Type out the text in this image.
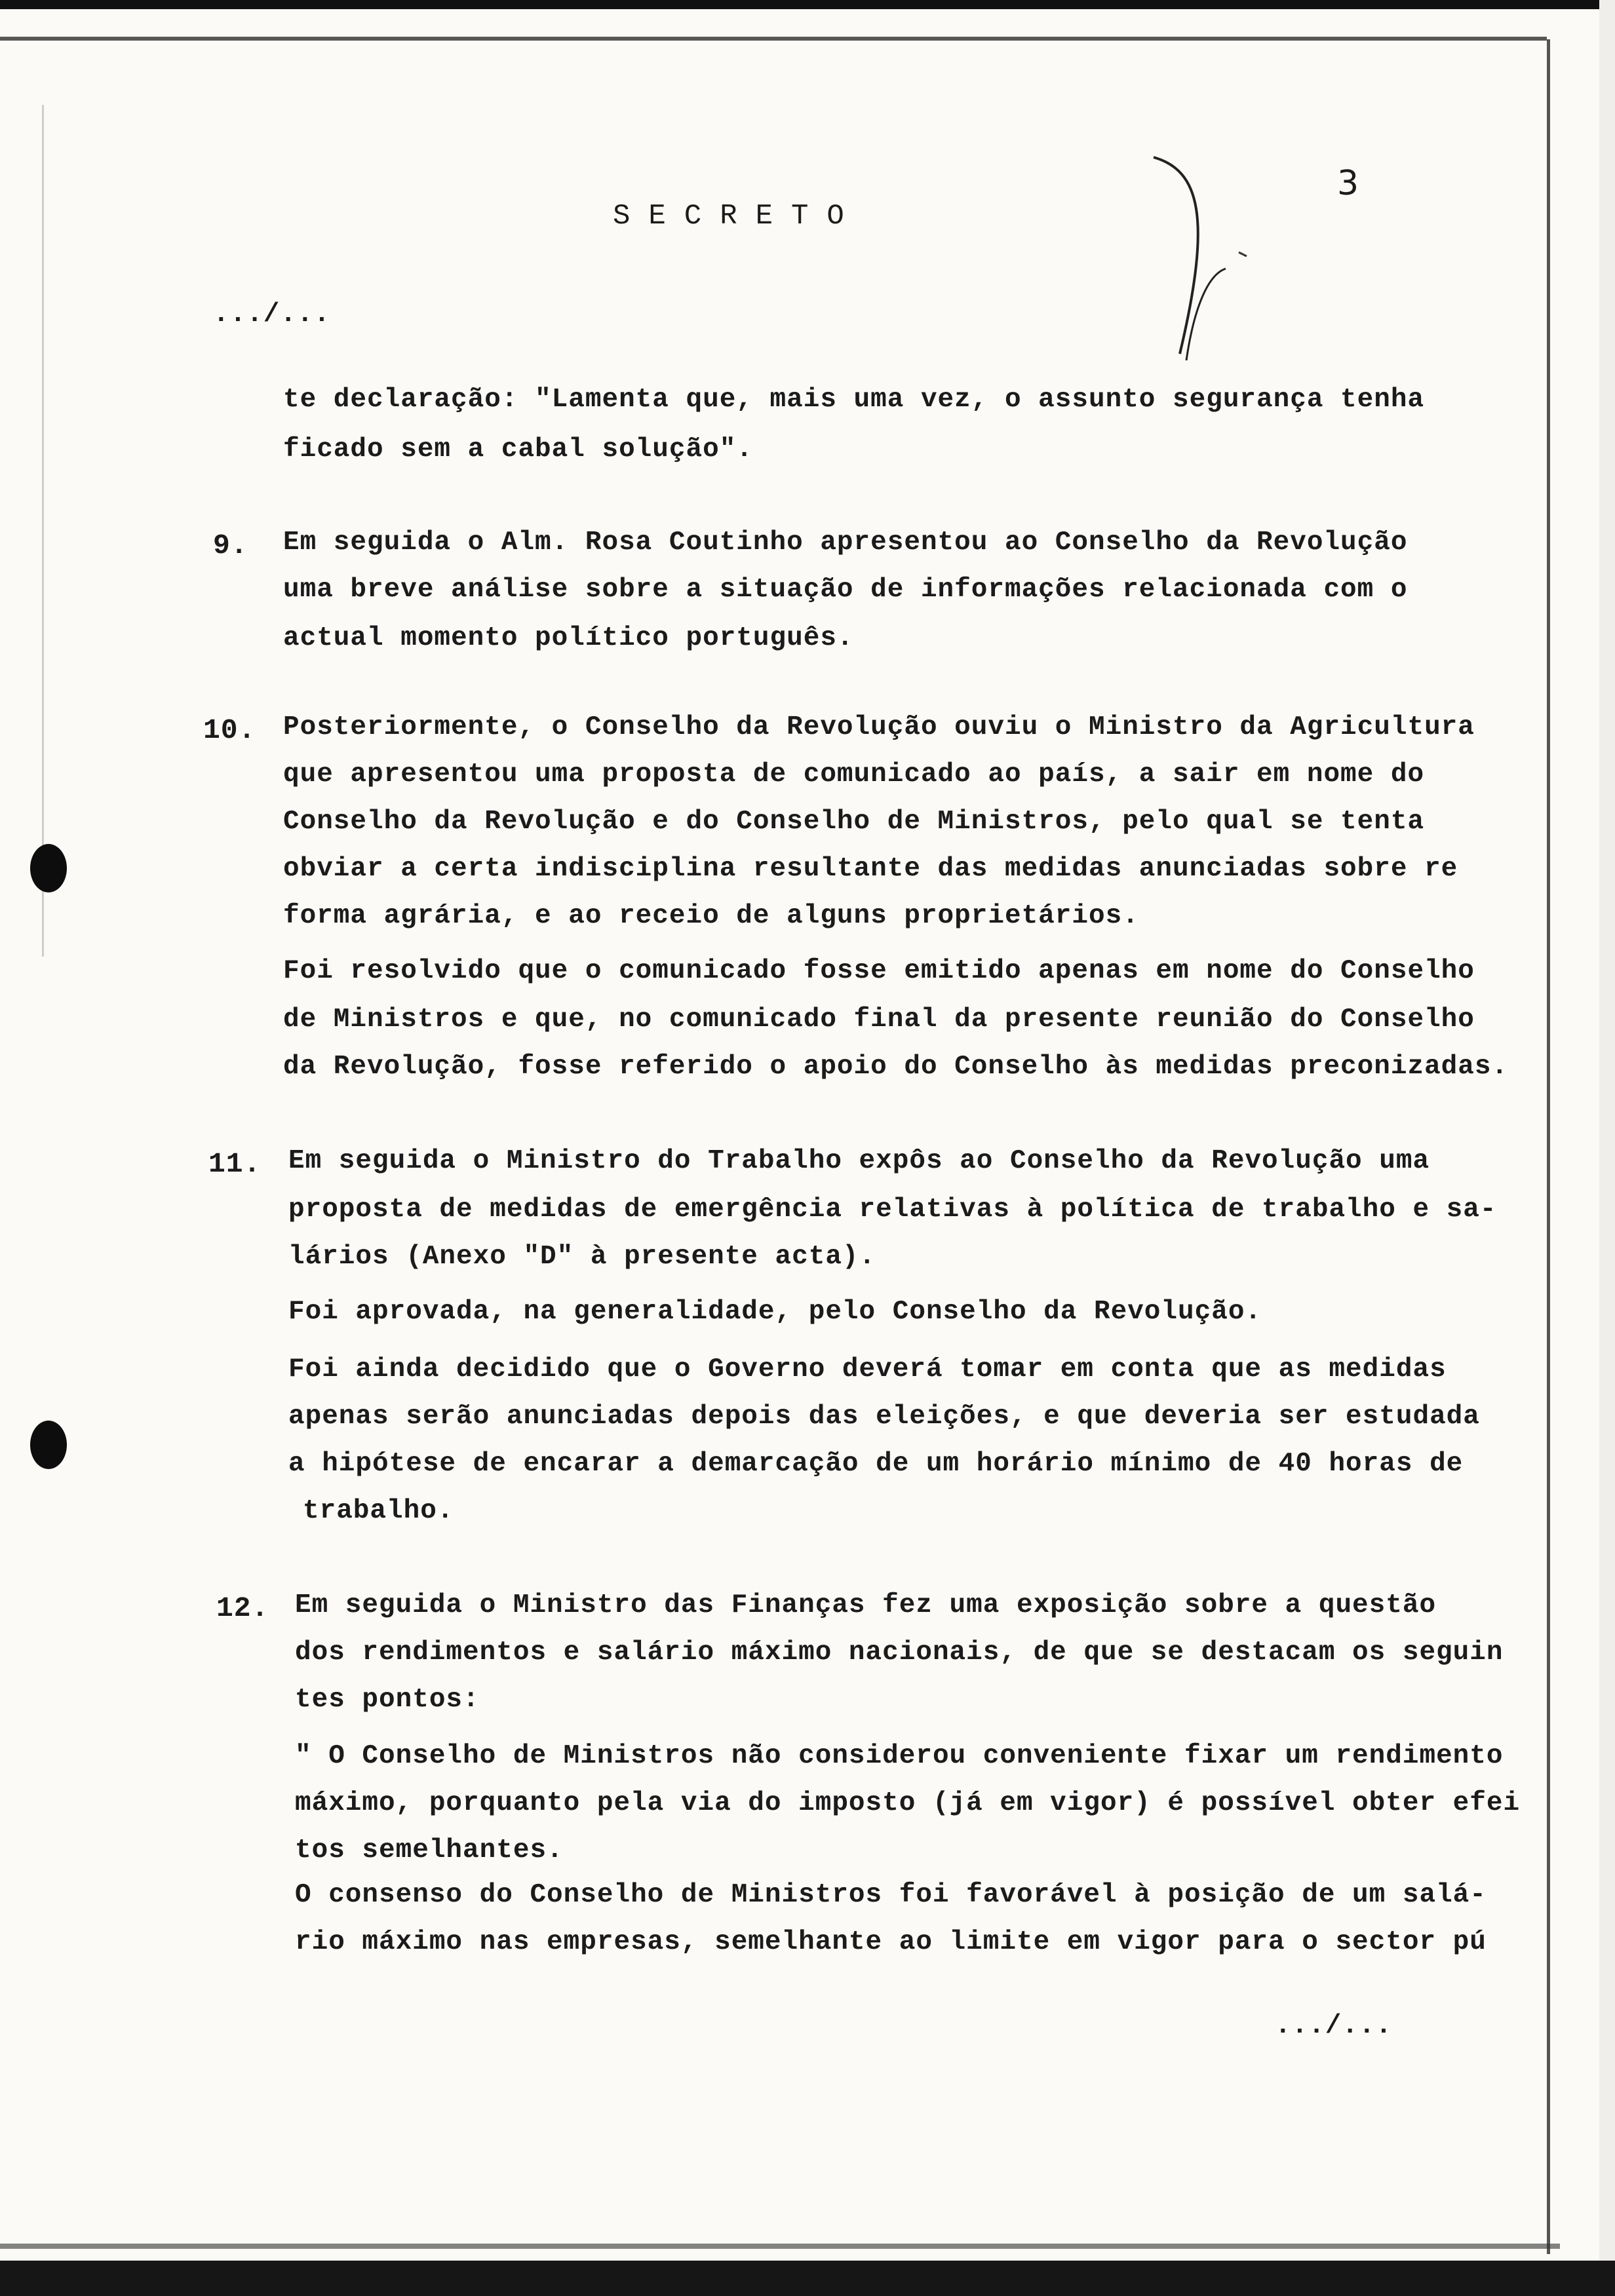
SECRETO
3
.../...
te declaração: "Lamenta que, mais uma vez, o assunto segurança tenha
ficado sem a cabal solução".
9. Em seguida o Alm. Rosa Coutinho apresentou ao Conselho da Revolução
uma breve análise sobre a situação de informações relacionada com o
actual momento político português.
10. Posteriormente, o Conselho da Revolução ouviu o Ministro da Agricultura
que apresentou uma proposta de comunicado ao país, a sair em nome do
Conselho da Revolução e do Conselho de Ministros, pelo qual se tenta
obviar a certa indisciplina resultante das medidas anunciadas sobre re
forma agrária, e ao receio de alguns proprietários.
Foi resolvido que o comunicado fosse emitido apenas em nome do Conselho
de Ministros e que, no comunicado final da presente reunião do Conselho
da Revolução, fosse referido o apoio do Conselho às medidas preconizadas.
11. Em seguida o Ministro do Trabalho expôs ao Conselho da Revolução uma
proposta de medidas de emergência relativas à política de trabalho e sa-
lários (Anexo "D" à presente acta).
Foi aprovada, na generalidade, pelo Conselho da Revolução.
Foi ainda decidido que o Governo deverá tomar em conta que as medidas
apenas serão anunciadas depois das eleições, e que deveria ser estudada
a hipótese de encarar a demarcação de um horário mínimo de 40 horas de
trabalho.
12. Em seguida o Ministro das Finanças fez uma exposição sobre a questão
dos rendimentos e salário máximo nacionais, de que se destacam os seguin
tes pontos:
" O Conselho de Ministros não considerou conveniente fixar um rendimento
máximo, porquanto pela via do imposto (já em vigor) é possível obter efei
tos semelhantes.
O consenso do Conselho de Ministros foi favorável à posição de um salá-
rio máximo nas empresas, semelhante ao limite em vigor para o sector pú
.../...
